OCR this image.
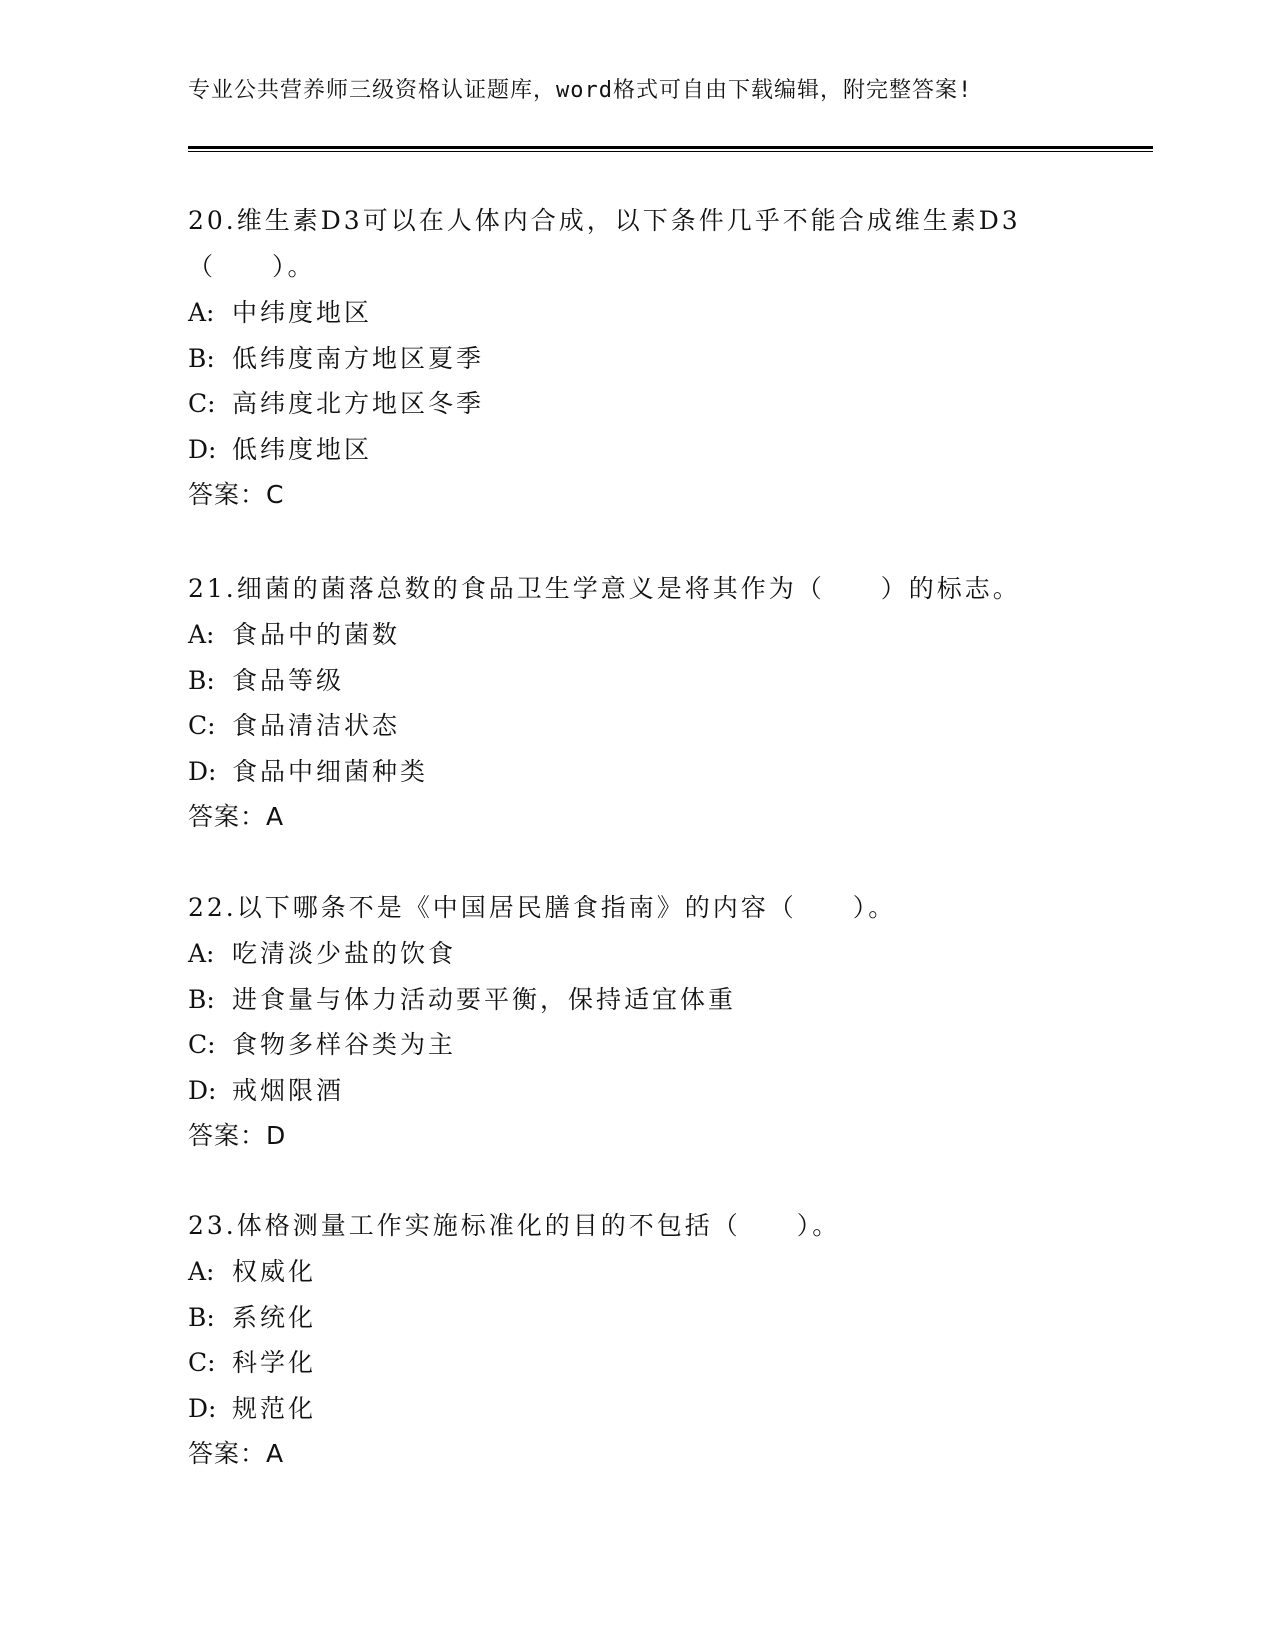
专业公共营养师三级资格认证题库，word格式可自由下载编辑，附完整答案!

20.维生素D3可以在人体内合成，以下条件几乎不能合成维生素D3（　　）。

A: 中纬度地区
B: 低纬度南方地区夏季
C: 高纬度北方地区冬季
D: 低纬度地区
答案：C

21.细菌的菌落总数的食品卫生学意义是将其作为（　　）的标志。

A: 食品中的菌数
B: 食品等级
C: 食品清洁状态
D: 食品中细菌种类
答案：A

22.以下哪条不是《中国居民膳食指南》的内容（　　）。

A: 吃清淡少盐的饮食
B: 进食量与体力活动要平衡，保持适宜体重
C: 食物多样谷类为主
D: 戒烟限酒
答案：D

23.体格测量工作实施标准化的目的不包括（　　）。

A: 权威化
B: 系统化
C: 科学化
D: 规范化
答案：A
